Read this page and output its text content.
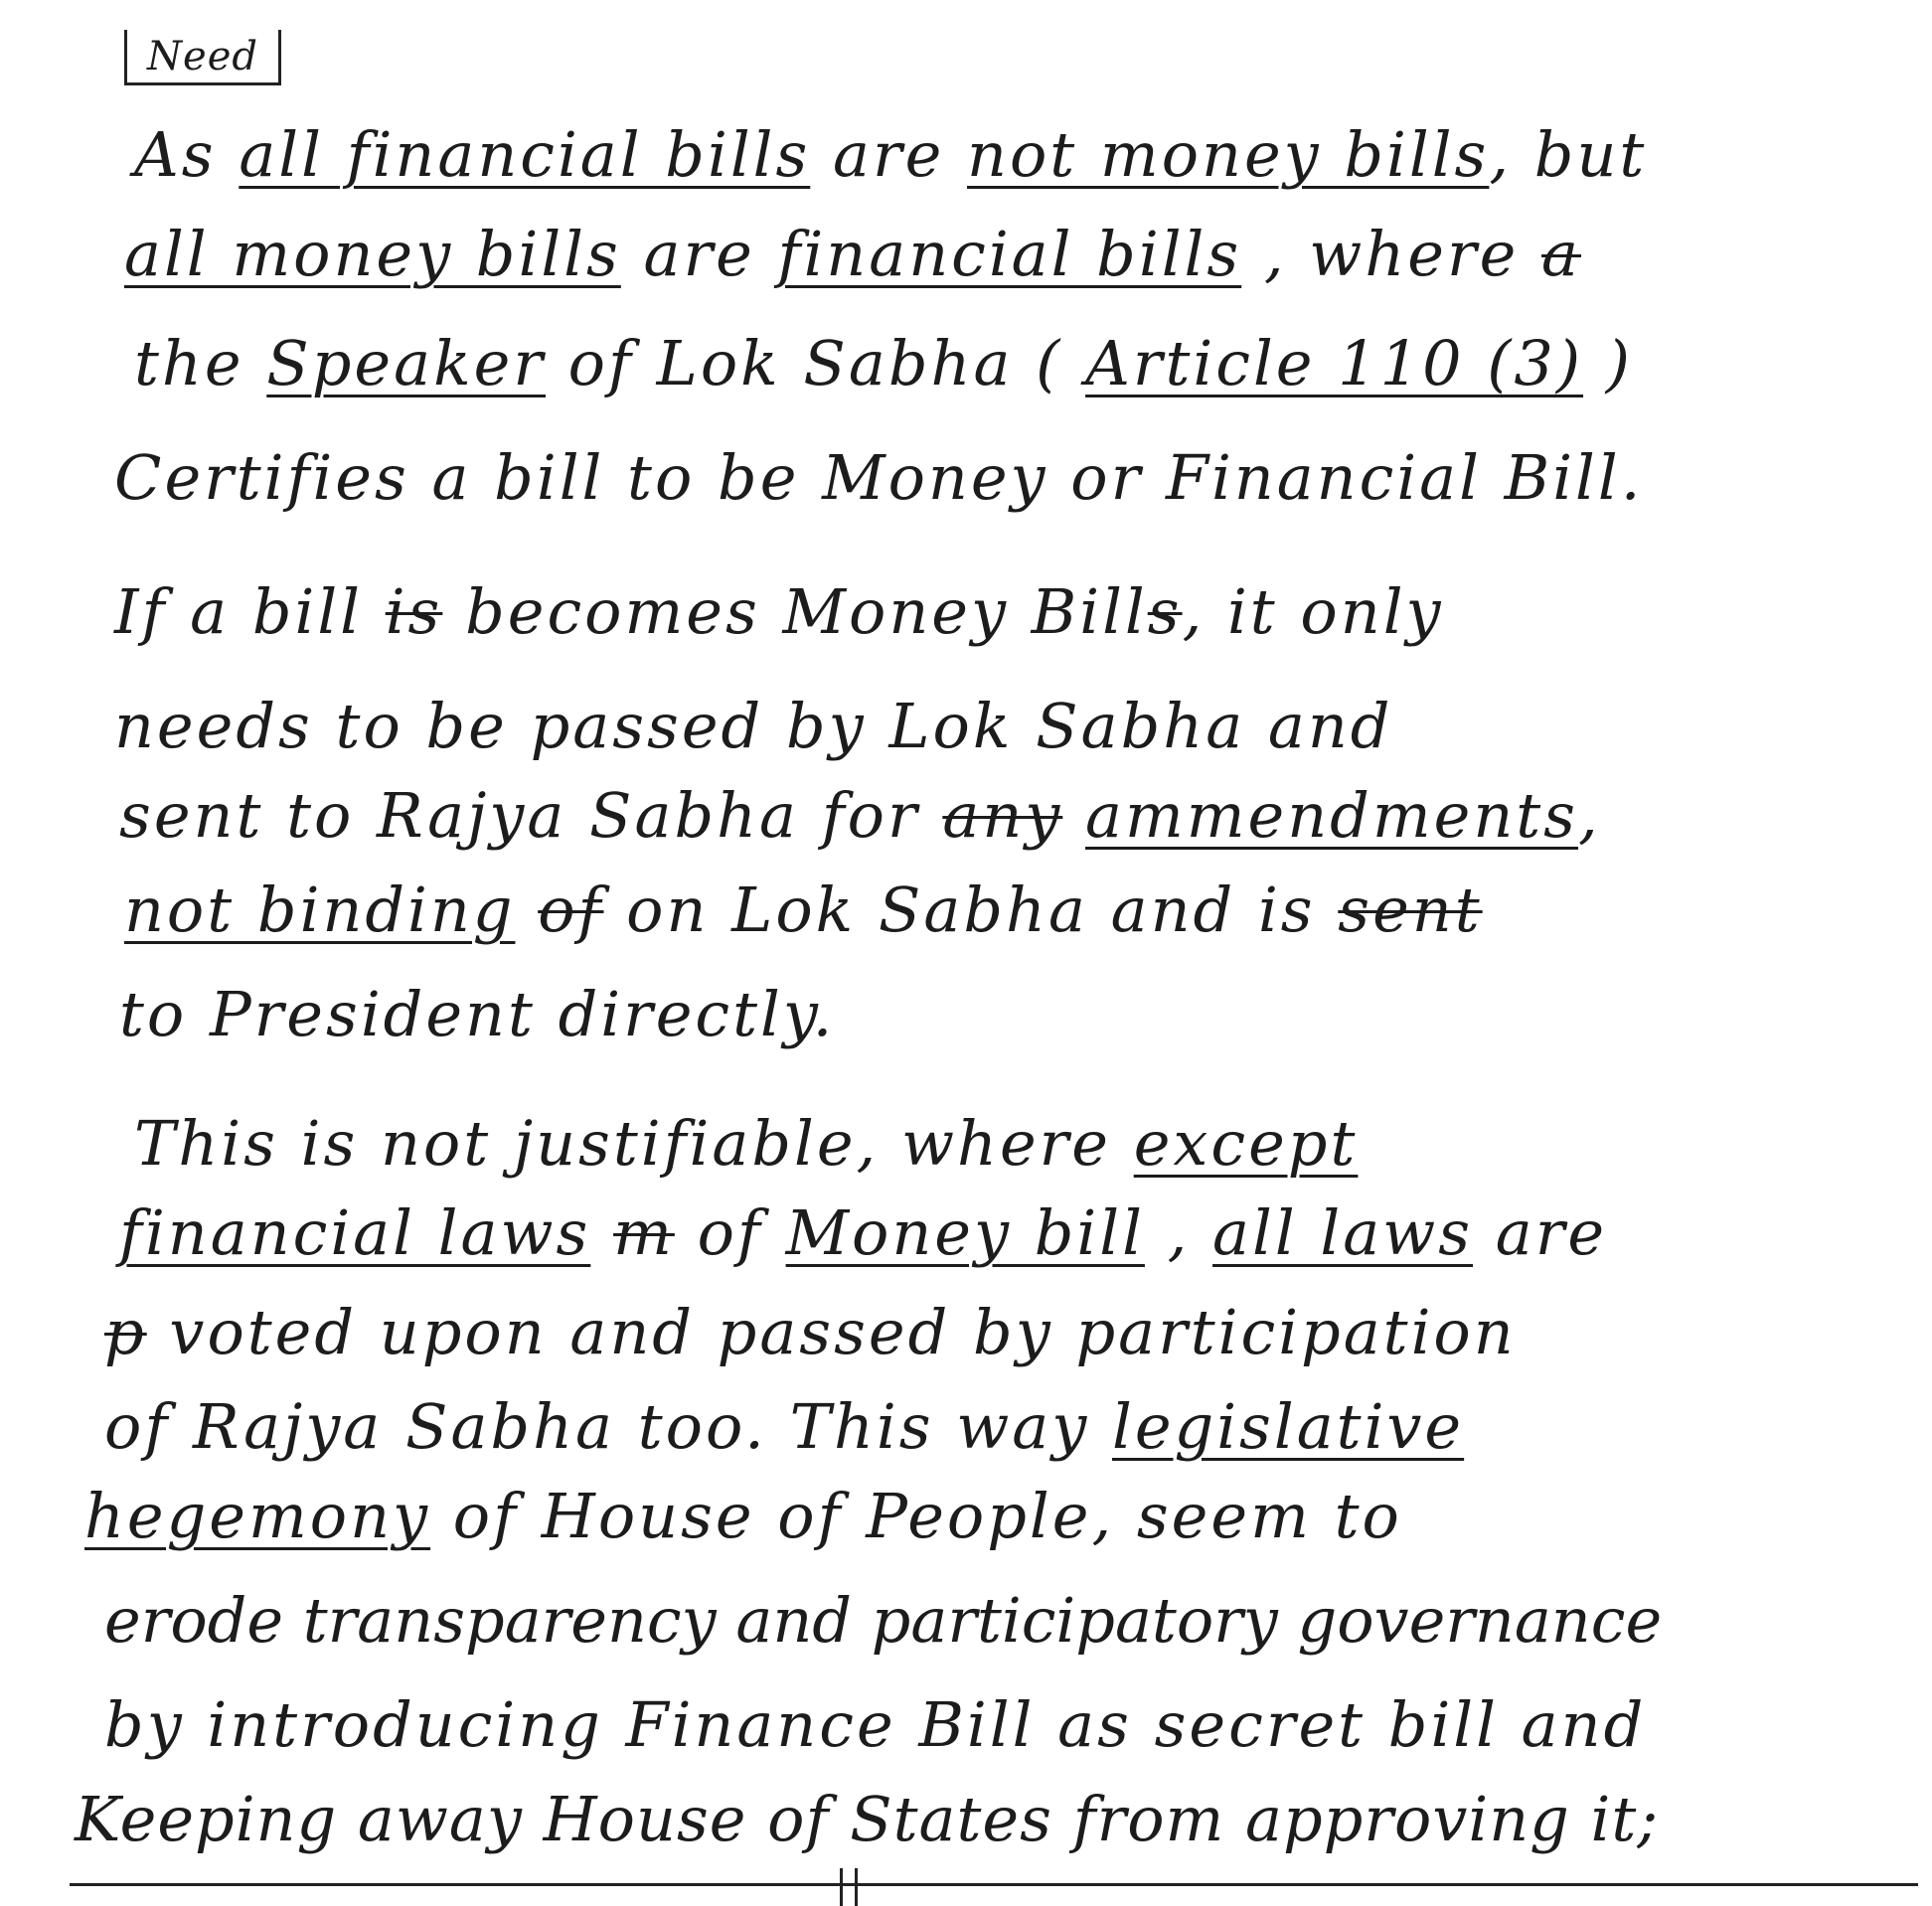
Need
As all financial bills are not money bills, but
all money bills are financial bills , where a
the Speaker of Lok Sabha ( Article 110 (3) )
Certifies a bill to be Money or Financial Bill.
If a bill is becomes Money Bills, it only
needs to be passed by Lok Sabha and
sent to Rajya Sabha for any ammendments,
not binding of on Lok Sabha and is sent
to President directly.
This is not justifiable, where except
financial laws m of Money bill , all laws are
p voted upon and passed by participation
of Rajya Sabha too. This way legislative
hegemony of House of People, seem to
erode transparency and participatory governance
by introducing Finance Bill as secret bill and
Keeping away House of States from approving it;
